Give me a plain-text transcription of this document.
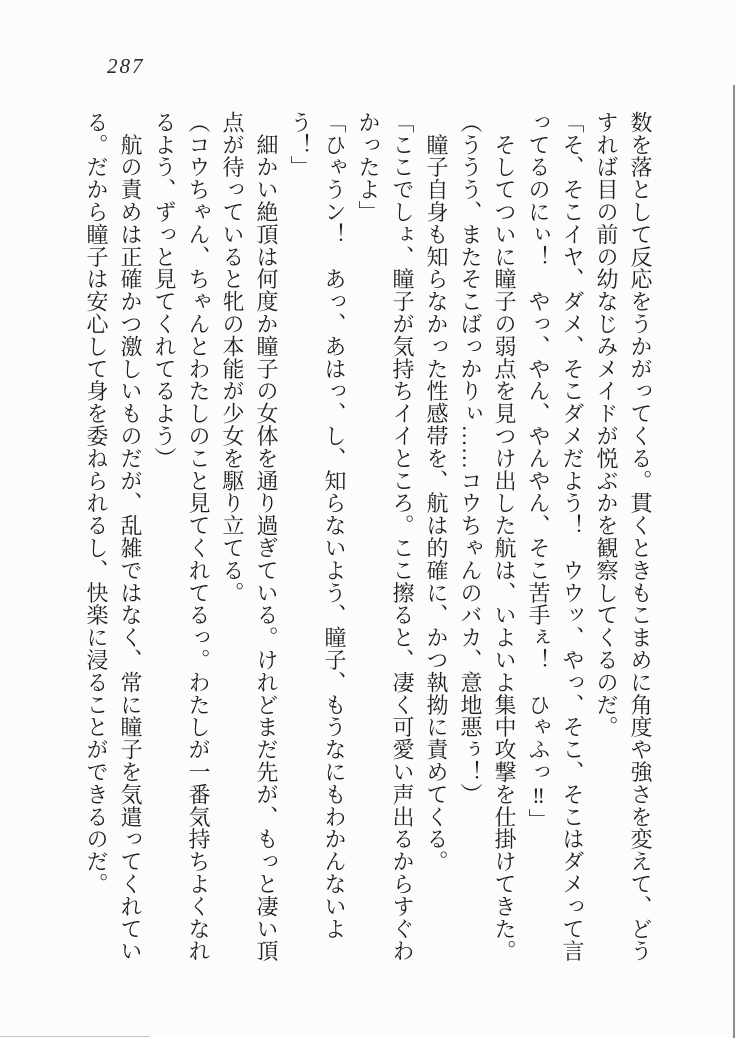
287

数を落として反応をうかがってくる。貫くときもこまめに角度や強さを変えて、どう

すれば目の前の幼なじみメイドが悦ぶかを観察してくるのだ。

「そ、そこイヤ、ダメ、そこダメだよう！　ウウッ、やっ、そこ、そこはダメって言

ってるのにぃ！　やっ、やん、やんやん、そこ苦手ぇ！　ひゃふっ‼」

　そしてついに瞳子の弱点を見つけ出した航は、いよいよ集中攻撃を仕掛けてきた。

（ううう、またそこばっかりぃ……コウちゃんのバカ、意地悪ぅ！）

　瞳子自身も知らなかった性感帯を、航は的確に、かつ執拗に責めてくる。

「ここでしょ、瞳子が気持ちイイところ。ここ擦ると、凄く可愛い声出るからすぐわ

かったよ」

「ひゃうン！　あっ、あはっ、し、知らないよう、瞳子、もうなにもわかんないよ

う！」

　細かい絶頂は何度か瞳子の女体を通り過ぎている。けれどまだ先が、もっと凄い頂

点が待っていると牝の本能が少女を駆り立てる。

（コウちゃん、ちゃんとわたしのこと見てくれてるっ。わたしが一番気持ちよくなれ

るよう、ずっと見てくれてるよう）

　航の責めは正確かつ激しいものだが、乱雑ではなく、常に瞳子を気遣ってくれてい

る。だから瞳子は安心して身を委ねられるし、快楽に浸ることができるのだ。
